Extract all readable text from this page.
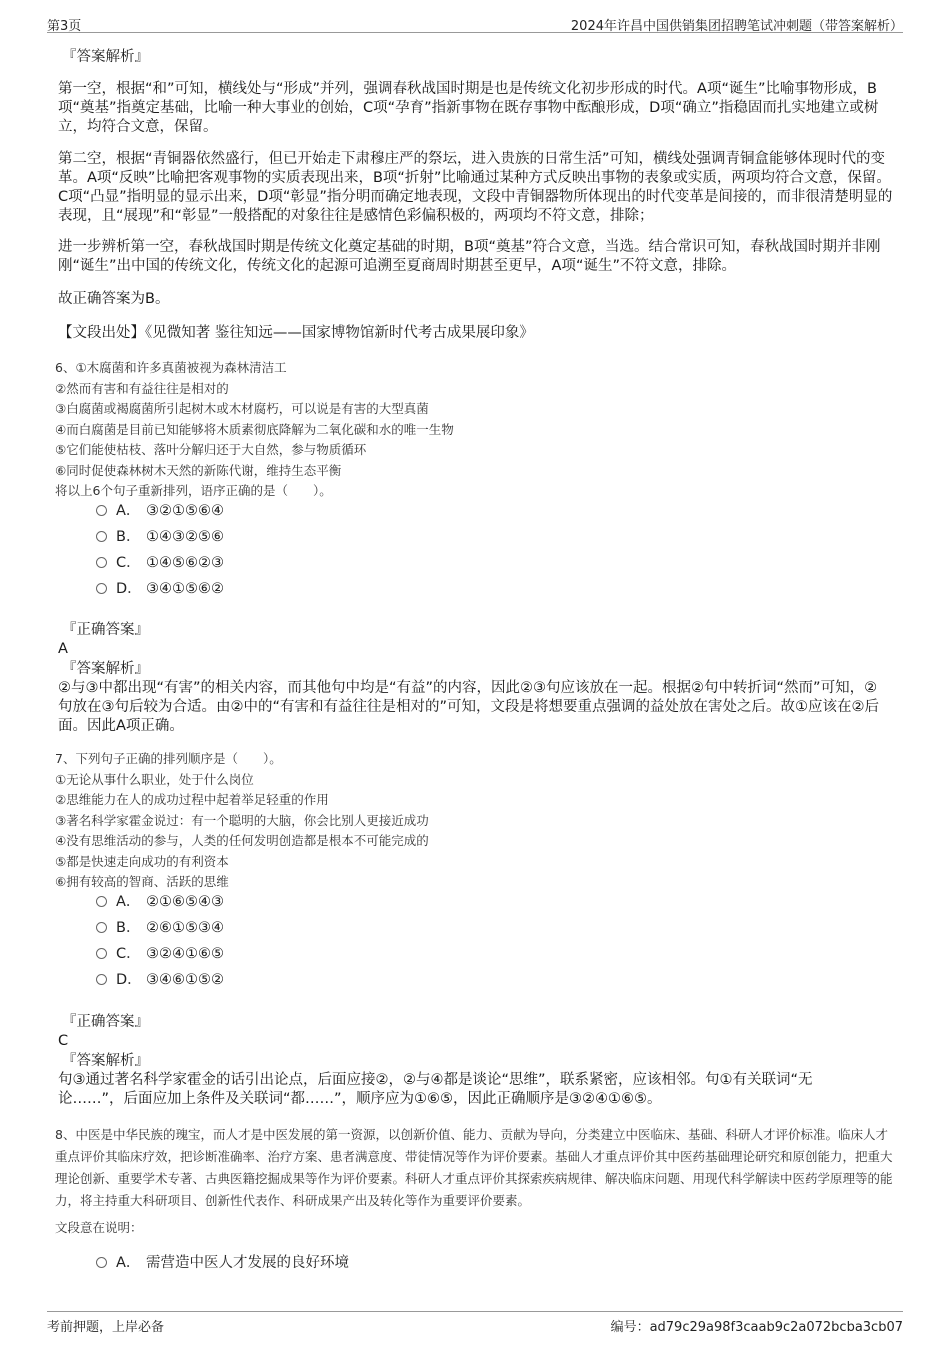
第3页	2024年许昌中国供销集团招聘笔试冲刺题（带答案解析）
『答案解析』
第一空，根据“和”可知，横线处与“形成”并列，强调春秋战国时期是也是传统文化初步形成的时代。A项“诞生”比喻事物形成，B项“奠基”指奠定基础，比喻一种大事业的创始，C项“孕育”指新事物在既存事物中酝酿形成，D项“确立”指稳固而扎实地建立或树立，均符合文意，保留。
第二空，根据“青铜器依然盛行，但已开始走下肃穆庄严的祭坛，进入贵族的日常生活”可知，横线处强调青铜盒能够体现时代的变革。A项“反映”比喻把客观事物的实质表现出来，B项“折射”比喻通过某种方式反映出事物的表象或实质，两项均符合文意，保留。C项“凸显”指明显的显示出来，D项“彰显”指分明而确定地表现，文段中青铜器物所体现出的时代变革是间接的，而非很清楚明显的表现，且“展现”和“彰显”一般搭配的对象往往是感情色彩偏积极的，两项均不符文意，排除；
进一步辨析第一空，春秋战国时期是传统文化奠定基础的时期，B项“奠基”符合文意，当选。结合常识可知，春秋战国时期并非刚刚“诞生”出中国的传统文化，传统文化的起源可追溯至夏商周时期甚至更早，A项“诞生”不符文意，排除。
故正确答案为B。
【文段出处】《见微知著 鉴往知远——国家博物馆新时代考古成果展印象》
6、①木腐菌和许多真菌被视为森林清洁工
②然而有害和有益往往是相对的
③白腐菌或褐腐菌所引起树木或木材腐朽，可以说是有害的大型真菌
④而白腐菌是目前已知能够将木质素彻底降解为二氧化碳和水的唯一生物
⑤它们能使枯枝、落叶分解归还于大自然，参与物质循环
⑥同时促使森林树木天然的新陈代谢，维持生态平衡
将以上6个句子重新排列，语序正确的是（　　）。
A． ③②①⑤⑥④
B． ①④③②⑤⑥
C． ①④⑤⑥②③
D． ③④①⑤⑥②
『正确答案』
A
『答案解析』
②与③中都出现“有害”的相关内容，而其他句中均是“有益”的内容，因此②③句应该放在一起。根据②句中转折词“然而”可知，②句放在③句后较为合适。由②中的“有害和有益往往是相对的”可知，文段是将想要重点强调的益处放在害处之后。故①应该在②后面。因此A项正确。
7、下列句子正确的排列顺序是（　　）。
①无论从事什么职业，处于什么岗位
②思维能力在人的成功过程中起着举足轻重的作用
③著名科学家霍金说过：有一个聪明的大脑，你会比别人更接近成功
④没有思维活动的参与，人类的任何发明创造都是根本不可能完成的
⑤都是快速走向成功的有利资本
⑥拥有较高的智商、活跃的思维
A． ②①⑥⑤④③
B． ②⑥①⑤③④
C． ③②④①⑥⑤
D． ③④⑥①⑤②
『正确答案』
C
『答案解析』
句③通过著名科学家霍金的话引出论点，后面应接②，②与④都是谈论“思维”，联系紧密，应该相邻。句①有关联词“无论……”，后面应加上条件及关联词“都……”，顺序应为①⑥⑤，因此正确顺序是③②④①⑥⑤。
8、中医是中华民族的瑰宝，而人才是中医发展的第一资源，以创新价值、能力、贡献为导向，分类建立中医临床、基础、科研人才评价标准。临床人才重点评价其临床疗效，把诊断准确率、治疗方案、患者满意度、带徒情况等作为评价要素。基础人才重点评价其中医药基础理论研究和原创能力，把重大理论创新、重要学术专著、古典医籍挖掘成果等作为评价要素。科研人才重点评价其探索疾病规律、解决临床问题、用现代科学解读中医药学原理等的能力，将主持重大科研项目、创新性代表作、科研成果产出及转化等作为重要评价要素。
文段意在说明：
A． 需营造中医人才发展的良好环境
考前押题，上岸必备	编号：ad79c29a98f3caab9c2a072bcba3cb07
